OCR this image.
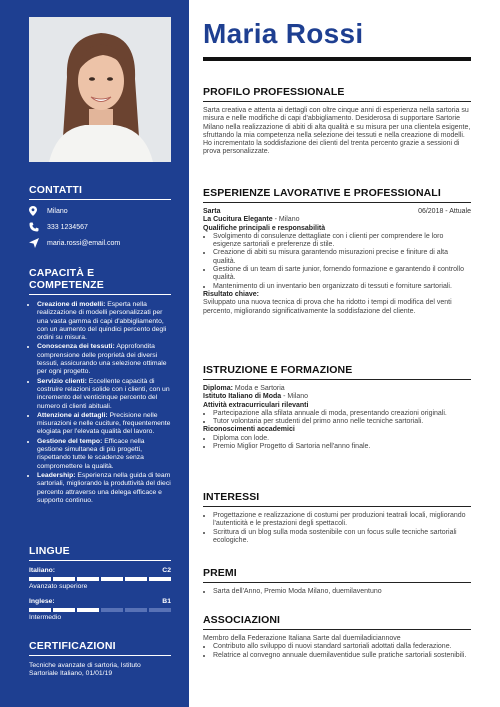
CONTATTI
Milano
333 1234567
maria.rossi@email.com
CAPACITÀ E COMPETENZE
• Creazione di modelli: Esperta nella realizzazione di modelli personalizzati per una vasta gamma di capi d'abbigliamento, con un aumento del quindici percento degli ordini su misura.
• Conoscenza dei tessuti: Approfondita comprensione delle proprietà dei diversi tessuti, assicurando una selezione ottimale per ogni progetto.
• Servizio clienti: Eccellente capacità di costruire relazioni solide con i clienti, con un incremento del venticinque percento del numero di clienti abituali.
• Attenzione ai dettagli: Precisione nelle misurazioni e nelle cuciture, frequentemente elogiata per l'elevata qualità del lavoro.
• Gestione del tempo: Efficace nella gestione simultanea di più progetti, rispettando tutte le scadenze senza compromettere la qualità.
• Leadership: Esperienza nella guida di team sartoriali, migliorando la produttività del dieci percento attraverso una delega efficace e supporto continuo.
LINGUE
Italiano:	C2
Avanzato superiore
Inglese:	B1
Intermedio
CERTIFICAZIONI
Tecniche avanzate di sartoria, Istituto Sartoriale Italiano, 01/01/19
Maria Rossi
PROFILO PROFESSIONALE
Sarta creativa e attenta ai dettagli con oltre cinque anni di esperienza nella sartoria su misura e nelle modifiche di capi d'abbigliamento. Desiderosa di supportare Sartorie Milano nella realizzazione di abiti di alta qualità e su misura per una clientela esigente, sfruttando la mia competenza nella selezione dei tessuti e nella creazione di modelli. Ho incrementato la soddisfazione dei clienti del trenta percento grazie a sessioni di prova personalizzate.
ESPERIENZE LAVORATIVE E PROFESSIONALI
Sarta	06/2018 - Attuale
La Cucitura Elegante - Milano
Qualifiche principali e responsabilità
• Svolgimento di consulenze dettagliate con i clienti per comprendere le loro esigenze sartoriali e preferenze di stile.
• Creazione di abiti su misura garantendo misurazioni precise e finiture di alta qualità.
• Gestione di un team di sarte junior, fornendo formazione e garantendo il controllo qualità.
• Mantenimento di un inventario ben organizzato di tessuti e forniture sartoriali.
Risultato chiave:
Sviluppato una nuova tecnica di prova che ha ridotto i tempi di modifica del venti percento, migliorando significativamente la soddisfazione del cliente.
ISTRUZIONE E FORMAZIONE
Diploma: Moda e Sartoria
Istituto Italiano di Moda - Milano
Attività extracurriculari rilevanti
• Partecipazione alla sfilata annuale di moda, presentando creazioni originali.
• Tutor volontaria per studenti del primo anno nelle tecniche sartoriali.
Riconoscimenti accademici
• Diploma con lode.
• Premio Miglior Progetto di Sartoria nell'anno finale.
INTERESSI
• Progettazione e realizzazione di costumi per produzioni teatrali locali, migliorando l'autenticità e le prestazioni degli spettacoli.
• Scrittura di un blog sulla moda sostenibile con un focus sulle tecniche sartoriali ecologiche.
PREMI
• Sarta dell'Anno, Premio Moda Milano, duemilaventuno
ASSOCIAZIONI
Membro della Federazione Italiana Sarte dal duemiladiciannove
• Contributo allo sviluppo di nuovi standard sartoriali adottati dalla federazione.
• Relatrice al convegno annuale duemilaventidue sulle pratiche sartoriali sostenibili.
